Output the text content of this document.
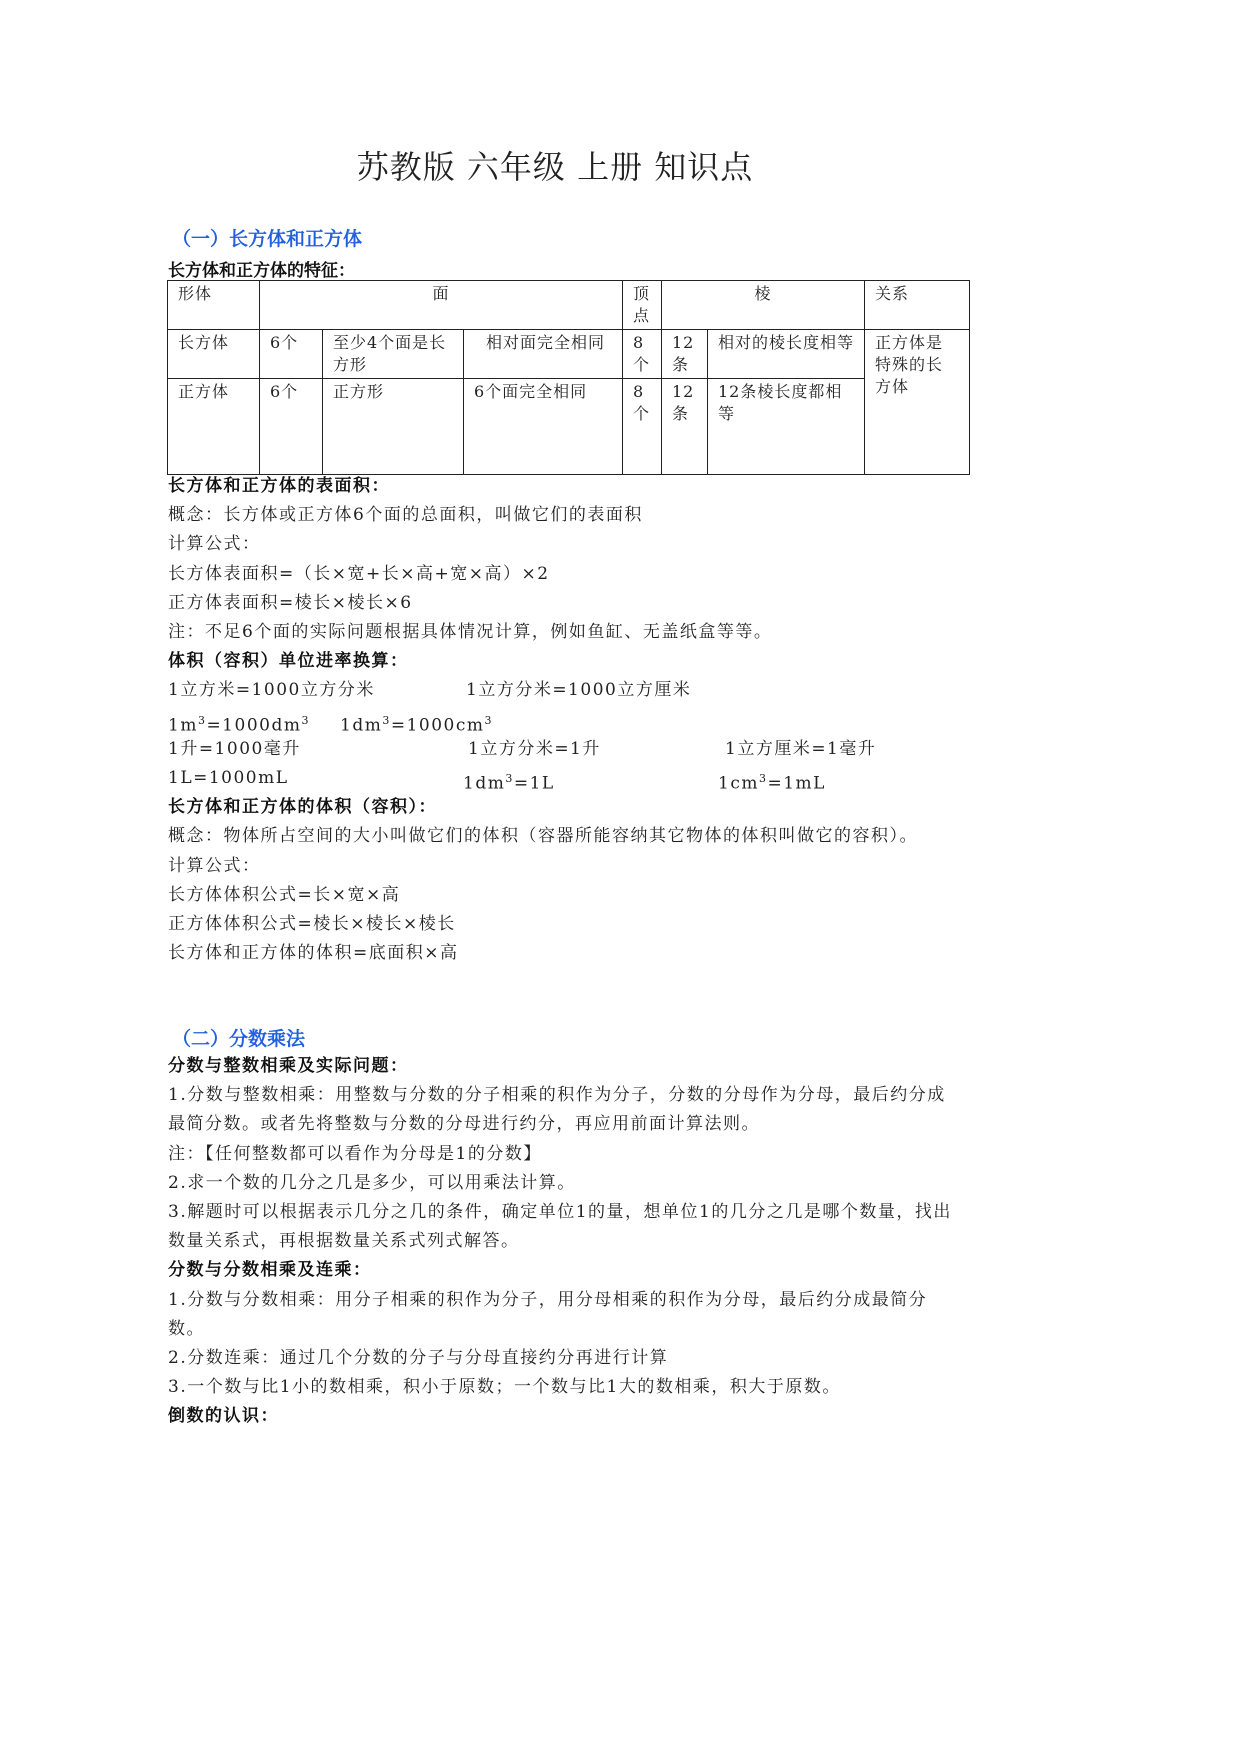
苏教版 六年级 上册 知识点
（一）长方体和正方体
长方体和正方体的特征：
形体	面			顶点	棱		关系
长方体	6个	至少4个面是长方形	相对面完全相同	8个	12条	相对的棱长度相等	正方体是特殊的长方体
正方体	6个	正方形	6个面完全相同	8个	12条	12条棱长度都相等	
长方体和正方体的表面积：
概念：长方体或正方体6个面的总面积，叫做它们的表面积
计算公式：
长方体表面积=（长×宽+长×高+宽×高）×2
正方体表面积=棱长×棱长×6
注：不足6个面的实际问题根据具体情况计算，例如鱼缸、无盖纸盒等等。
体积（容积）单位进率换算：
1立方米=1000立方分米	1立方分米=1000立方厘米
$1m^3=1000dm^3$ $1dm^3=1000cm^3$
1升=1000毫升	1立方分米=1升	1立方厘米=1毫升
1L=1000mL	$1dm^3=1L$	$1cm^3=1mL$
长方体和正方体的体积（容积）：
概念：物体所占空间的大小叫做它们的体积（容器所能容纳其它物体的体积叫做它的容积）。
计算公式：
长方体体积公式=长×宽×高
正方体体积公式=棱长×棱长×棱长
长方体和正方体的体积=底面积×高
（二）分数乘法
分数与整数相乘及实际问题：
1.分数与整数相乘：用整数与分数的分子相乘的积作为分子，分数的分母作为分母，最后约分成最简分数。或者先将整数与分数的分母进行约分，再应用前面计算法则。
注：【任何整数都可以看作为分母是1的分数】
2.求一个数的几分之几是多少，可以用乘法计算。
3.解题时可以根据表示几分之几的条件，确定单位1的量，想单位1的几分之几是哪个数量，找出数量关系式，再根据数量关系式列式解答。
分数与分数相乘及连乘：
1.分数与分数相乘：用分子相乘的积作为分子，用分母相乘的积作为分母，最后约分成最简分数。
2.分数连乘：通过几个分数的分子与分母直接约分再进行计算
3.一个数与比1小的数相乘，积小于原数；一个数与比1大的数相乘，积大于原数。
倒数的认识：
